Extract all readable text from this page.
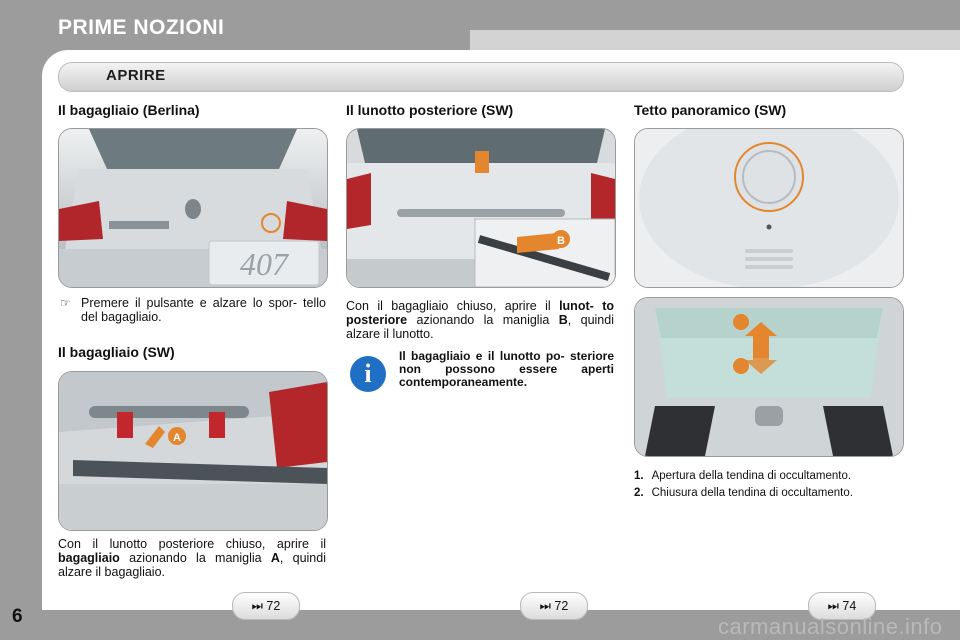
PRIME NOZIONI
APRIRE
Il bagagliaio (Berlina)
407
☞ Premere il pulsante e alzare lo spor- tello del bagagliaio.
Il bagagliaio (SW)
A
Con il lunotto posteriore chiuso, aprire il bagagliaio azionando la maniglia A, quindi alzare il bagagliaio.
Il lunotto posteriore (SW)
B
Con il bagagliaio chiuso, aprire il lunot- to posteriore azionando la maniglia B, quindi alzare il lunotto.
i
Il bagagliaio e il lunotto po- steriore non possono essere aperti contemporaneamente.
Tetto panoramico (SW)
1. Apertura della tendina di occultamento.
2. Chiusura della tendina di occultamento.
⏭ 72	⏭ 72	⏭ 74
6	carmanualsonline.info
